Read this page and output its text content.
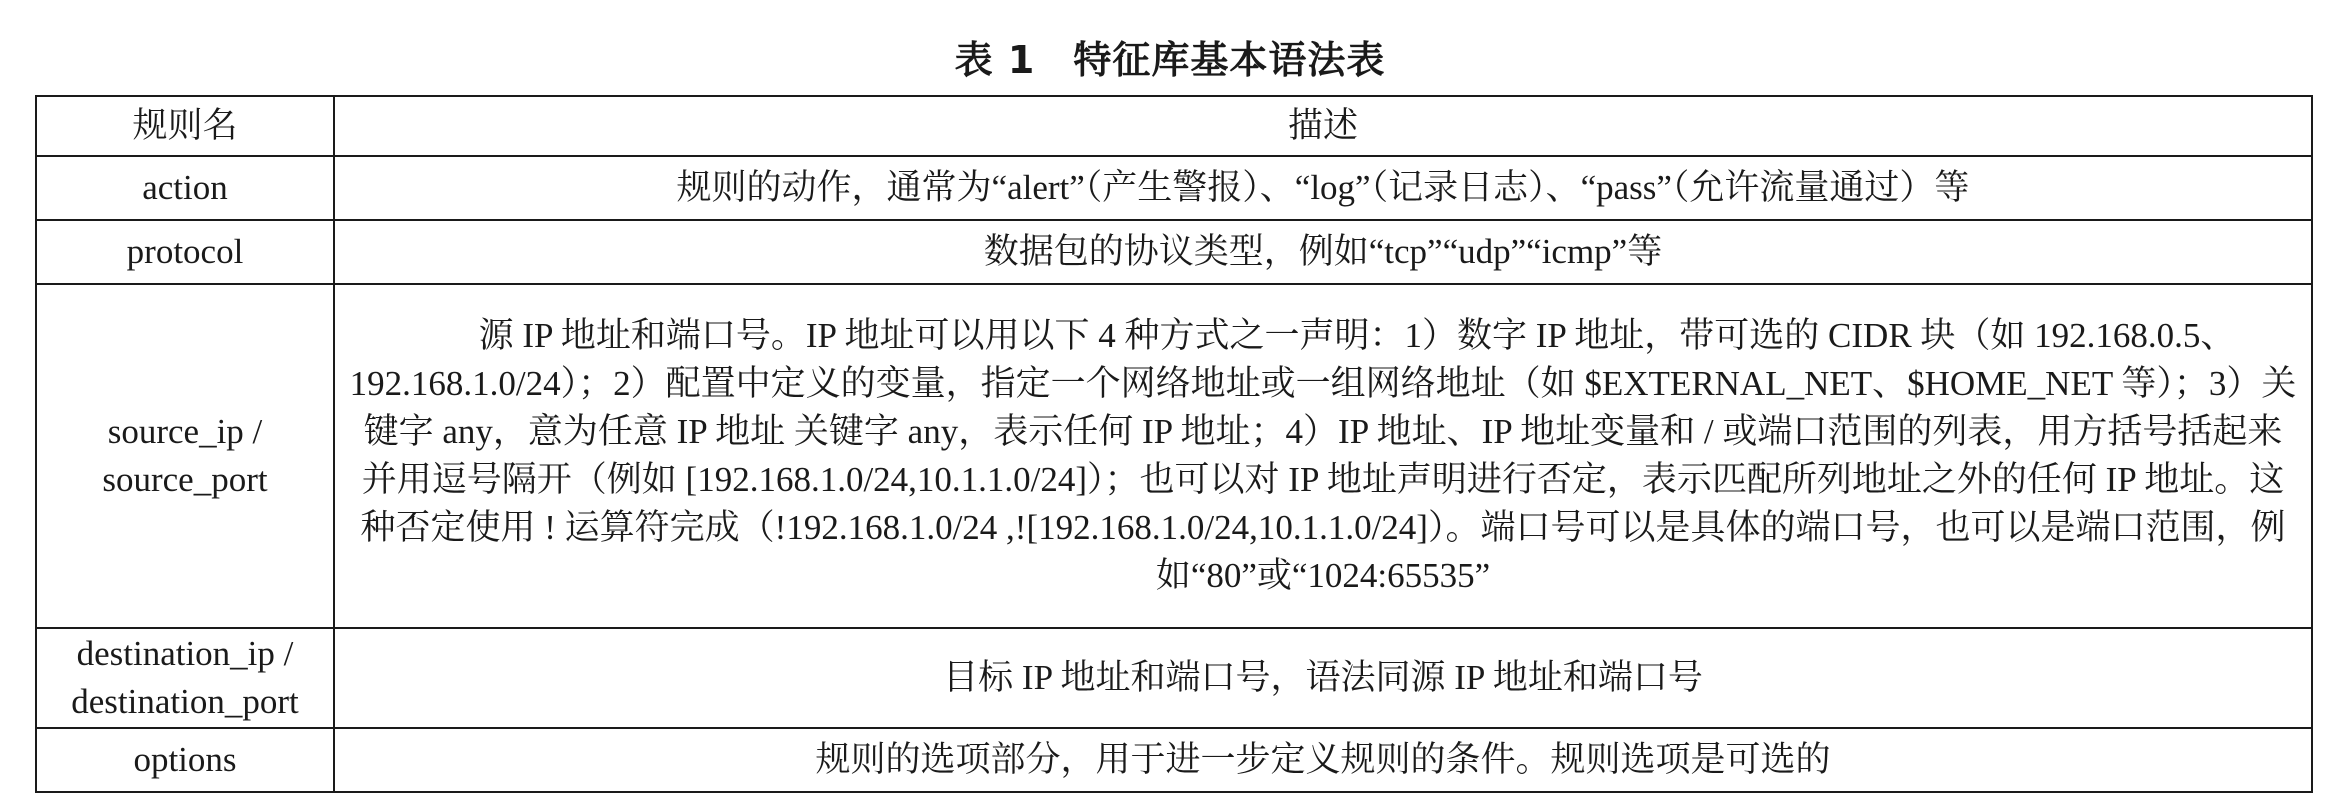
表 1 特征库基本语法表
规则名	描述
action	规则的动作，通常为“alert”（产生警报）、“log”（记录日志）、“pass”（允许流量通过）等
protocol	数据包的协议类型，例如“tcp”“udp”“icmp”等

source_ip /
source_port	源 IP 地址和端口号。IP 地址可以用以下 4 种方式之一声明：1）数字 IP 地址，带可选的 CIDR 块（如 192.168.0.5、192.168.1.0/24）；2）配置中定义的变量，指定一个网络地址或一组网络地址（如 $EXTERNAL_NET、$HOME_NET 等）；3）关键字 any，意为任意 IP 地址 关键字 any，表示任何 IP 地址；4）IP 地址、IP 地址变量和 / 或端口范围的列表，用方括号括起来并用逗号隔开（例如 [192.168.1.0/24,10.1.1.0/24]）；也可以对 IP 地址声明进行否定，表示匹配所列地址之外的任何 IP 地址。这种否定使用 ! 运算符完成（!192.168.1.0/24 ,![192.168.1.0/24,10.1.1.0/24]）。端口号可以是具体的端口号，也可以是端口范围，例如“80”或“1024:65535”

destination_ip /
destination_port	目标 IP 地址和端口号，语法同源 IP 地址和端口号
options	规则的选项部分，用于进一步定义规则的条件。规则选项是可选的
